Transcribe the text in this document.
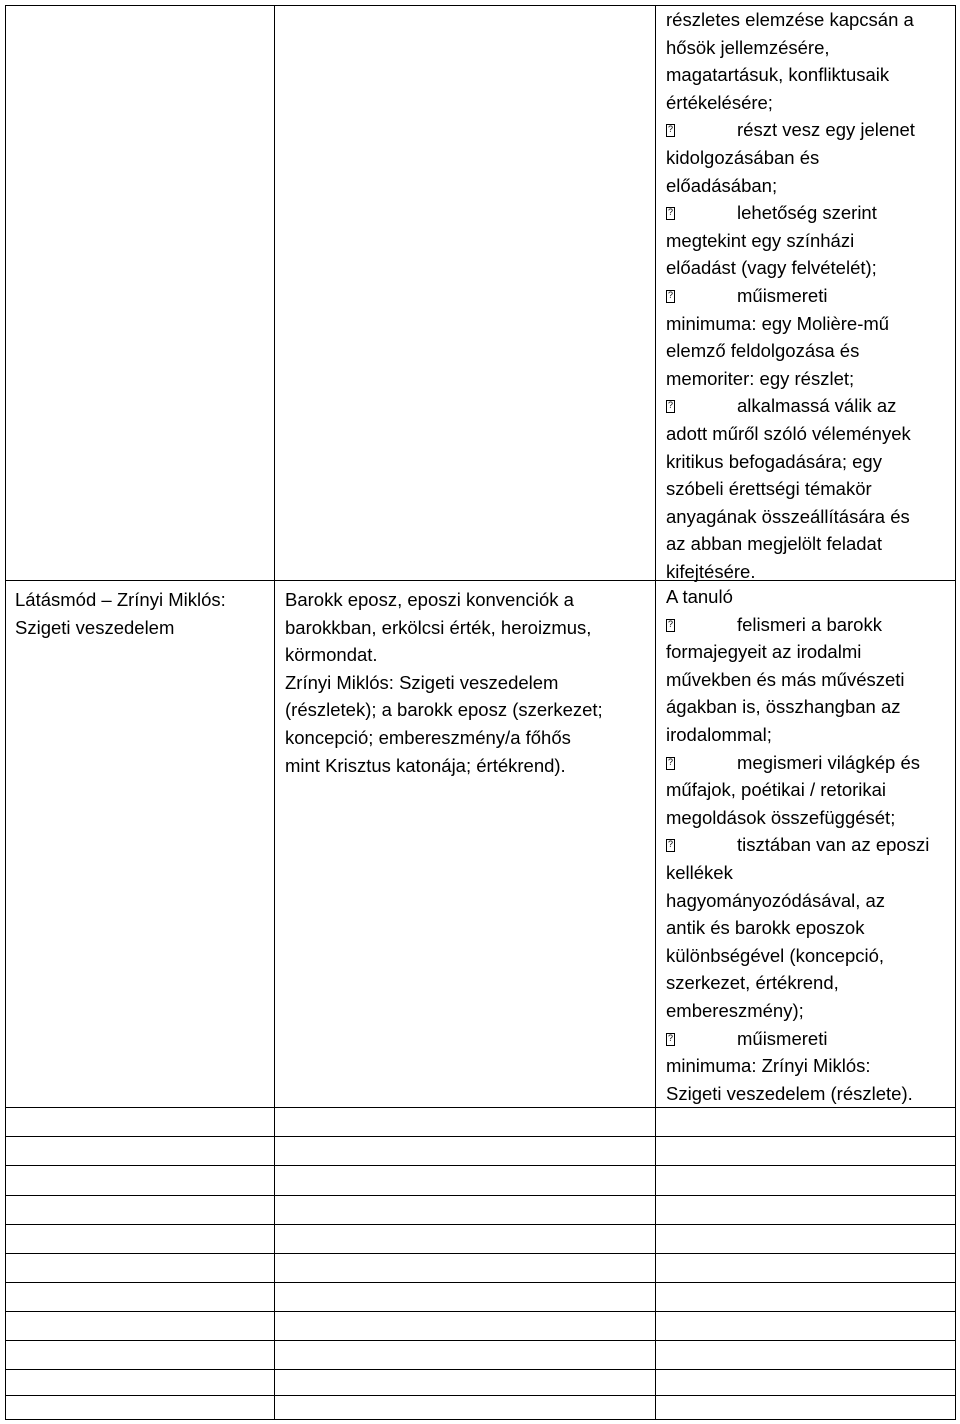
Látásmód – Zrínyi Miklós:
Szigeti veszedelem
Barokk eposz, eposzi konvenciók a
barokkban, erkölcsi érték, heroizmus,
körmondat.
Zrínyi Miklós: Szigeti veszedelem
(részletek); a barokk eposz (szerkezet;
koncepció; embereszmény/a főhős
mint Krisztus katonája; értékrend).
részletes elemzése kapcsán a
hősök jellemzésére,
magatartásuk, konfliktusaik
értékelésére;
?részt vesz egy jelenet
kidolgozásában és
előadásában;
?lehetőség szerint
megtekint egy színházi
előadást (vagy felvételét);
?műismereti
minimuma: egy Molière-mű
elemző feldolgozása és
memoriter: egy részlet;
?alkalmassá válik az
adott műről szóló vélemények
kritikus befogadására; egy
szóbeli érettségi témakör
anyagának összeállítására és
az abban megjelölt feladat
kifejtésére.
A tanuló
?felismeri a barokk
formajegyeit az irodalmi
művekben és más művészeti
ágakban is, összhangban az
irodalommal;
?megismeri világkép és
műfajok, poétikai / retorikai
megoldások összefüggését;
?tisztában van az eposzi
kellékek
hagyományozódásával, az
antik és barokk eposzok
különbségével (koncepció,
szerkezet, értékrend,
embereszmény);
?műismereti
minimuma: Zrínyi Miklós:
Szigeti veszedelem (részlete).
